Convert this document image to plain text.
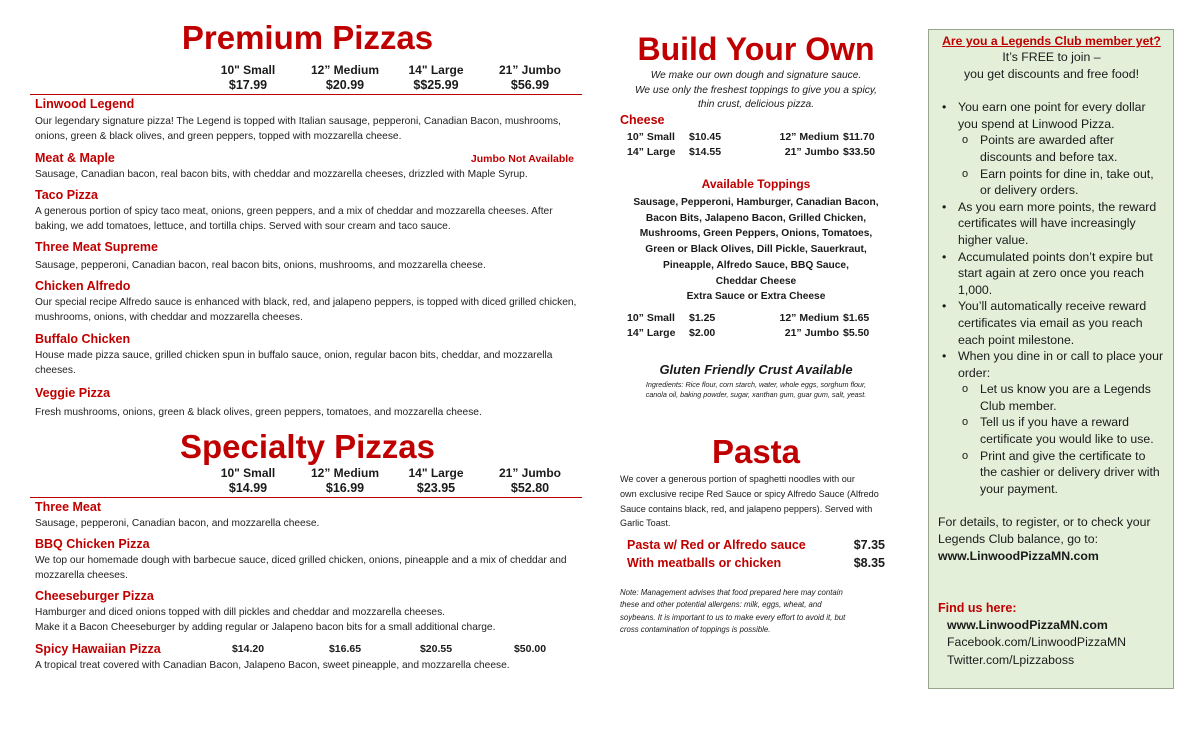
Premium Pizzas
10" Small	12” Medium	14" Large	21” Jumbo
$17.99	$20.99	$$25.99	$56.99
Linwood Legend
Our legendary signature pizza! The Legend is topped with Italian sausage, pepperoni, Canadian Bacon, mushrooms, onions, green & black olives, and green peppers, topped with mozzarella cheese.
Meat & Maple	Jumbo Not Available
Sausage, Canadian bacon, real bacon bits, with cheddar and mozzarella cheeses, drizzled with Maple Syrup.
Taco Pizza
A generous portion of spicy taco meat, onions, green peppers, and a mix of cheddar and mozzarella cheeses. After baking, we add tomatoes, lettuce, and tortilla chips. Served with sour cream and taco sauce.
Three Meat Supreme
Sausage, pepperoni, Canadian bacon, real bacon bits, onions, mushrooms, and mozzarella cheese.
Chicken Alfredo
Our special recipe Alfredo sauce is enhanced with black, red, and jalapeno peppers, is topped with diced grilled chicken, mushrooms, onions, with cheddar and mozzarella cheeses.
Buffalo Chicken
House made pizza sauce, grilled chicken spun in buffalo sauce, onion, regular bacon bits, cheddar, and mozzarella cheeses.
Veggie Pizza
Fresh mushrooms, onions, green & black olives, green peppers, tomatoes, and mozzarella cheese.
Specialty Pizzas
10" Small	12” Medium	14" Large	21” Jumbo
$14.99	$16.99	$23.95	$52.80
Three Meat
Sausage, pepperoni, Canadian bacon, and mozzarella cheese.
BBQ Chicken Pizza
We top our homemade dough with barbecue sauce, diced grilled chicken, onions, pineapple and a mix of cheddar and mozzarella cheeses.
Cheeseburger Pizza
Hamburger and diced onions topped with dill pickles and cheddar and mozzarella cheeses.
Make it a Bacon Cheeseburger by adding regular or Jalapeno bacon bits for a small additional charge.
Spicy Hawaiian Pizza	$14.20	$16.65	$20.55	$50.00
A tropical treat covered with Canadian Bacon, Jalapeno Bacon, sweet pineapple, and mozzarella cheese.
Build Your Own
We make our own dough and signature sauce.
We use only the freshest toppings to give you a spicy,
thin crust, delicious pizza.
Cheese
10” Small	$10.45	12” Medium $11.70
14” Large	$14.55	21” Jumbo $33.50
Available Toppings
Sausage, Pepperoni, Hamburger, Canadian Bacon,
Bacon Bits, Jalapeno Bacon, Grilled Chicken,
Mushrooms, Green Peppers, Onions, Tomatoes,
Green or Black Olives, Dill Pickle, Sauerkraut,
Pineapple, Alfredo Sauce, BBQ Sauce,
Cheddar Cheese
Extra Sauce or Extra Cheese
10” Small	$1.25	12” Medium $1.65
14” Large	$2.00	21” Jumbo $5.50
Gluten Friendly Crust Available
Ingredients: Rice flour, corn starch, water, whole eggs, sorghum flour,
canola oil, baking powder, sugar, xanthan gum, guar gum, salt, yeast.
Pasta
We cover a generous portion of spaghetti noodles with our
own exclusive recipe Red Sauce or spicy Alfredo Sauce (Alfredo
Sauce contains black, red, and jalapeno peppers). Served with
Garlic Toast.
Pasta w/ Red or Alfredo sauce	$7.35
With meatballs or chicken	$8.35
Note: Management advises that food prepared here may contain
these and other potential allergens: milk, eggs, wheat, and
soybeans. It is important to us to make every effort to avoid it, but
cross contamination of toppings is possible.
Are you a Legends Club member yet?
It’s FREE to join –
you get discounts and free food!
• You earn one point for every dollar you spend at Linwood Pizza.
o Points are awarded after discounts and before tax.
o Earn points for dine in, take out, or delivery orders.
• As you earn more points, the reward certificates will have increasingly higher value.
• Accumulated points don’t expire but start again at zero once you reach 1,000.
• You’ll automatically receive reward certificates via email as you reach each point milestone.
• When you dine in or call to place your order:
o Let us know you are a Legends Club member.
o Tell us if you have a reward certificate you would like to use.
o Print and give the certificate to the cashier or delivery driver with your payment.
For details, to register, or to check your Legends Club balance, go to:
www.LinwoodPizzaMN.com
Find us here:
www.LinwoodPizzaMN.com
Facebook.com/LinwoodPizzaMN
Twitter.com/Lpizzaboss
